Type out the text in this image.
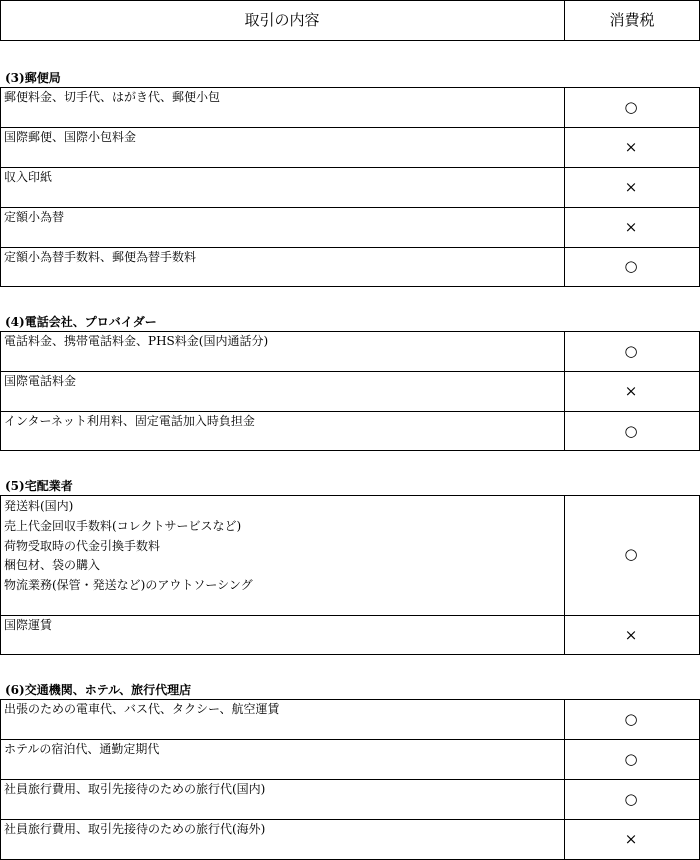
取引の内容	消費税
(3)郵便局
郵便料金、切手代、はがき代、郵便小包
国際郵便、国際小包料金
収入印紙
定額小為替
定額小為替手数料、郵便為替手数料
○
×
×
×
○
(4)電話会社、プロバイダー
電話料金、携帯電話料金、PHS料金(国内通話分)
国際電話料金
インターネット利用料、固定電話加入時負担金
○
×
○
(5)宅配業者
発送料(国内)
売上代金回収手数料(コレクトサービスなど)
荷物受取時の代金引換手数料
梱包材、袋の購入
物流業務(保管・発送など)のアウトソーシング
国際運賃
○
×
(6)交通機関、ホテル、旅行代理店
出張のための電車代、バス代、タクシー、航空運賃
ホテルの宿泊代、通勤定期代
社員旅行費用、取引先接待のための旅行代(国内)
社員旅行費用、取引先接待のための旅行代(海外)
○
○
○
×
